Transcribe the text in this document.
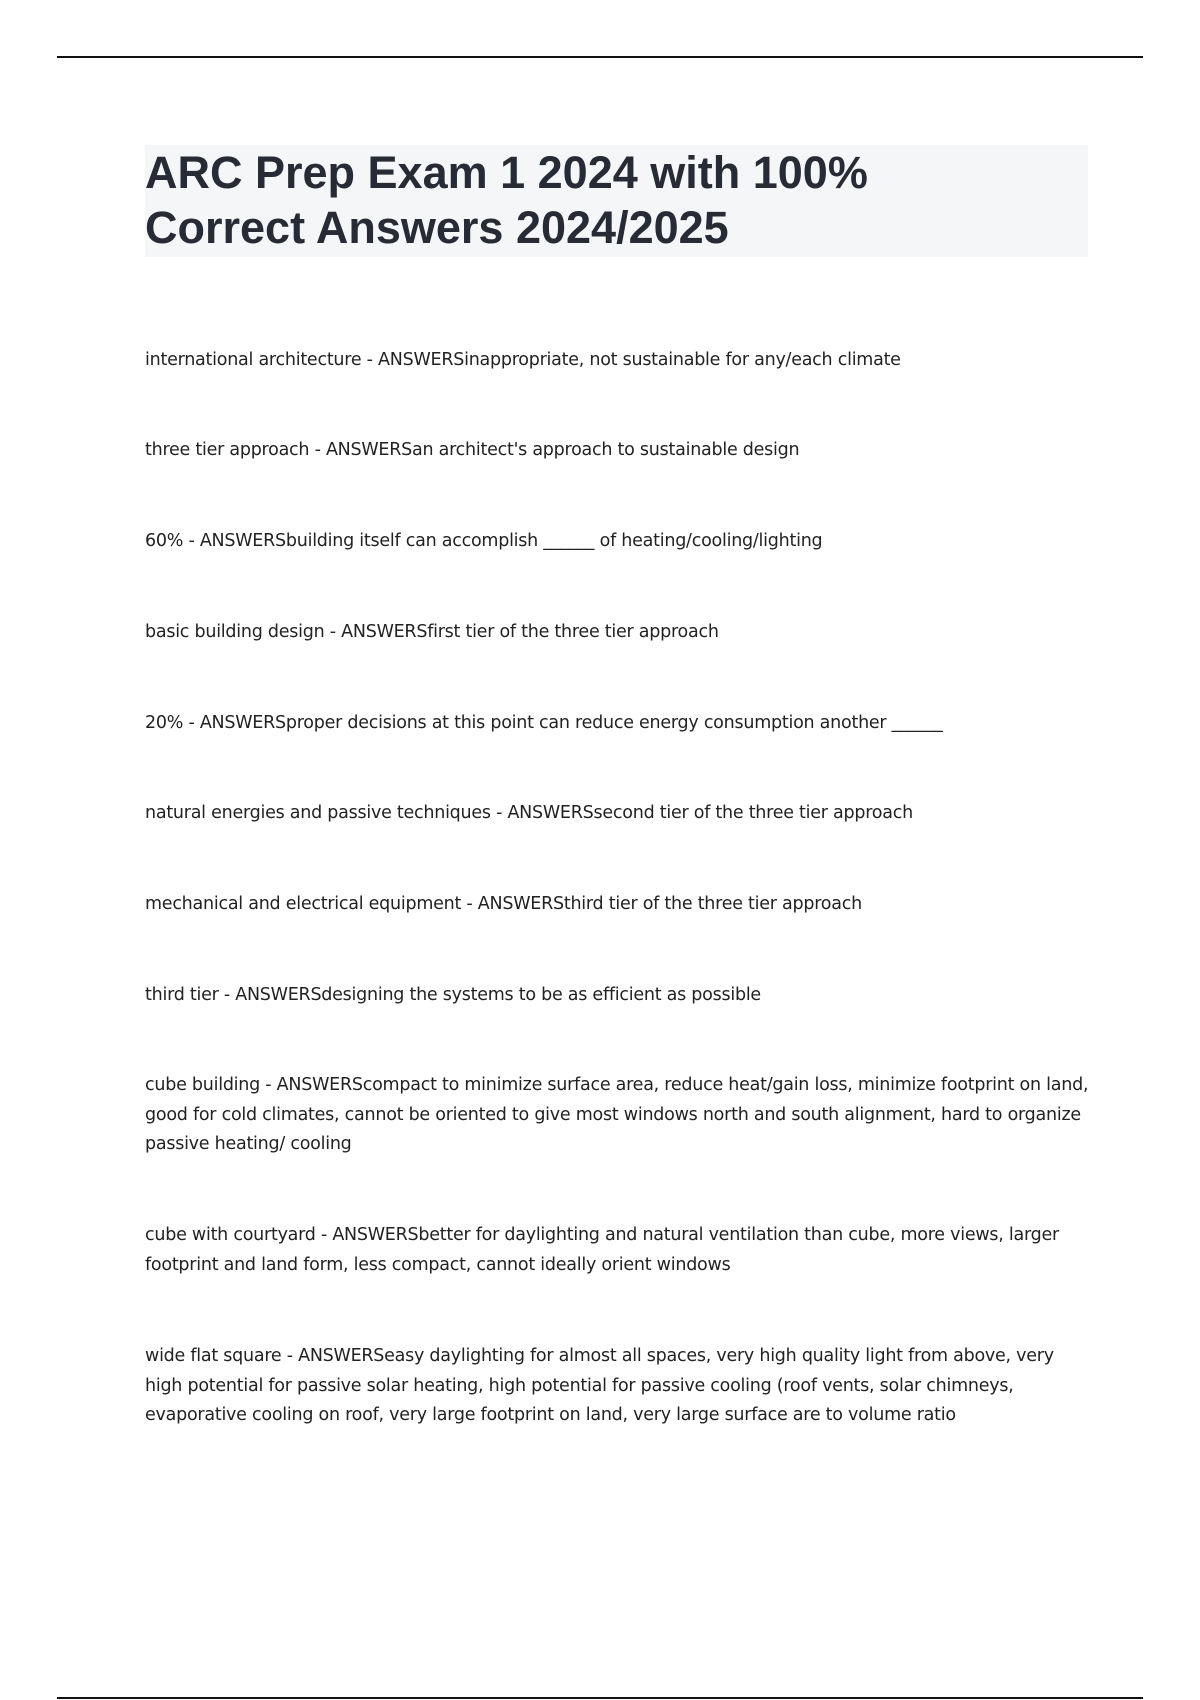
ARC Prep Exam 1 2024 with 100%
Correct Answers 2024/2025

international architecture - ANSWERSinappropriate, not sustainable for any/each climate

three tier approach - ANSWERSan architect's approach to sustainable design

60% - ANSWERSbuilding itself can accomplish ______ of heating/cooling/lighting

basic building design - ANSWERSfirst tier of the three tier approach

20% - ANSWERSproper decisions at this point can reduce energy consumption another ______

natural energies and passive techniques - ANSWERSsecond tier of the three tier approach

mechanical and electrical equipment - ANSWERSthird tier of the three tier approach

third tier - ANSWERSdesigning the systems to be as efficient as possible

cube building - ANSWERScompact to minimize surface area, reduce heat/gain loss, minimize footprint on land, good for cold climates, cannot be oriented to give most windows north and south alignment, hard to organize passive heating/ cooling

cube with courtyard - ANSWERSbetter for daylighting and natural ventilation than cube, more views, larger footprint and land form, less compact, cannot ideally orient windows

wide flat square - ANSWERSeasy daylighting for almost all spaces, very high quality light from above, very high potential for passive solar heating, high potential for passive cooling (roof vents, solar chimneys, evaporative cooling on roof, very large footprint on land, very large surface are to volume ratio
